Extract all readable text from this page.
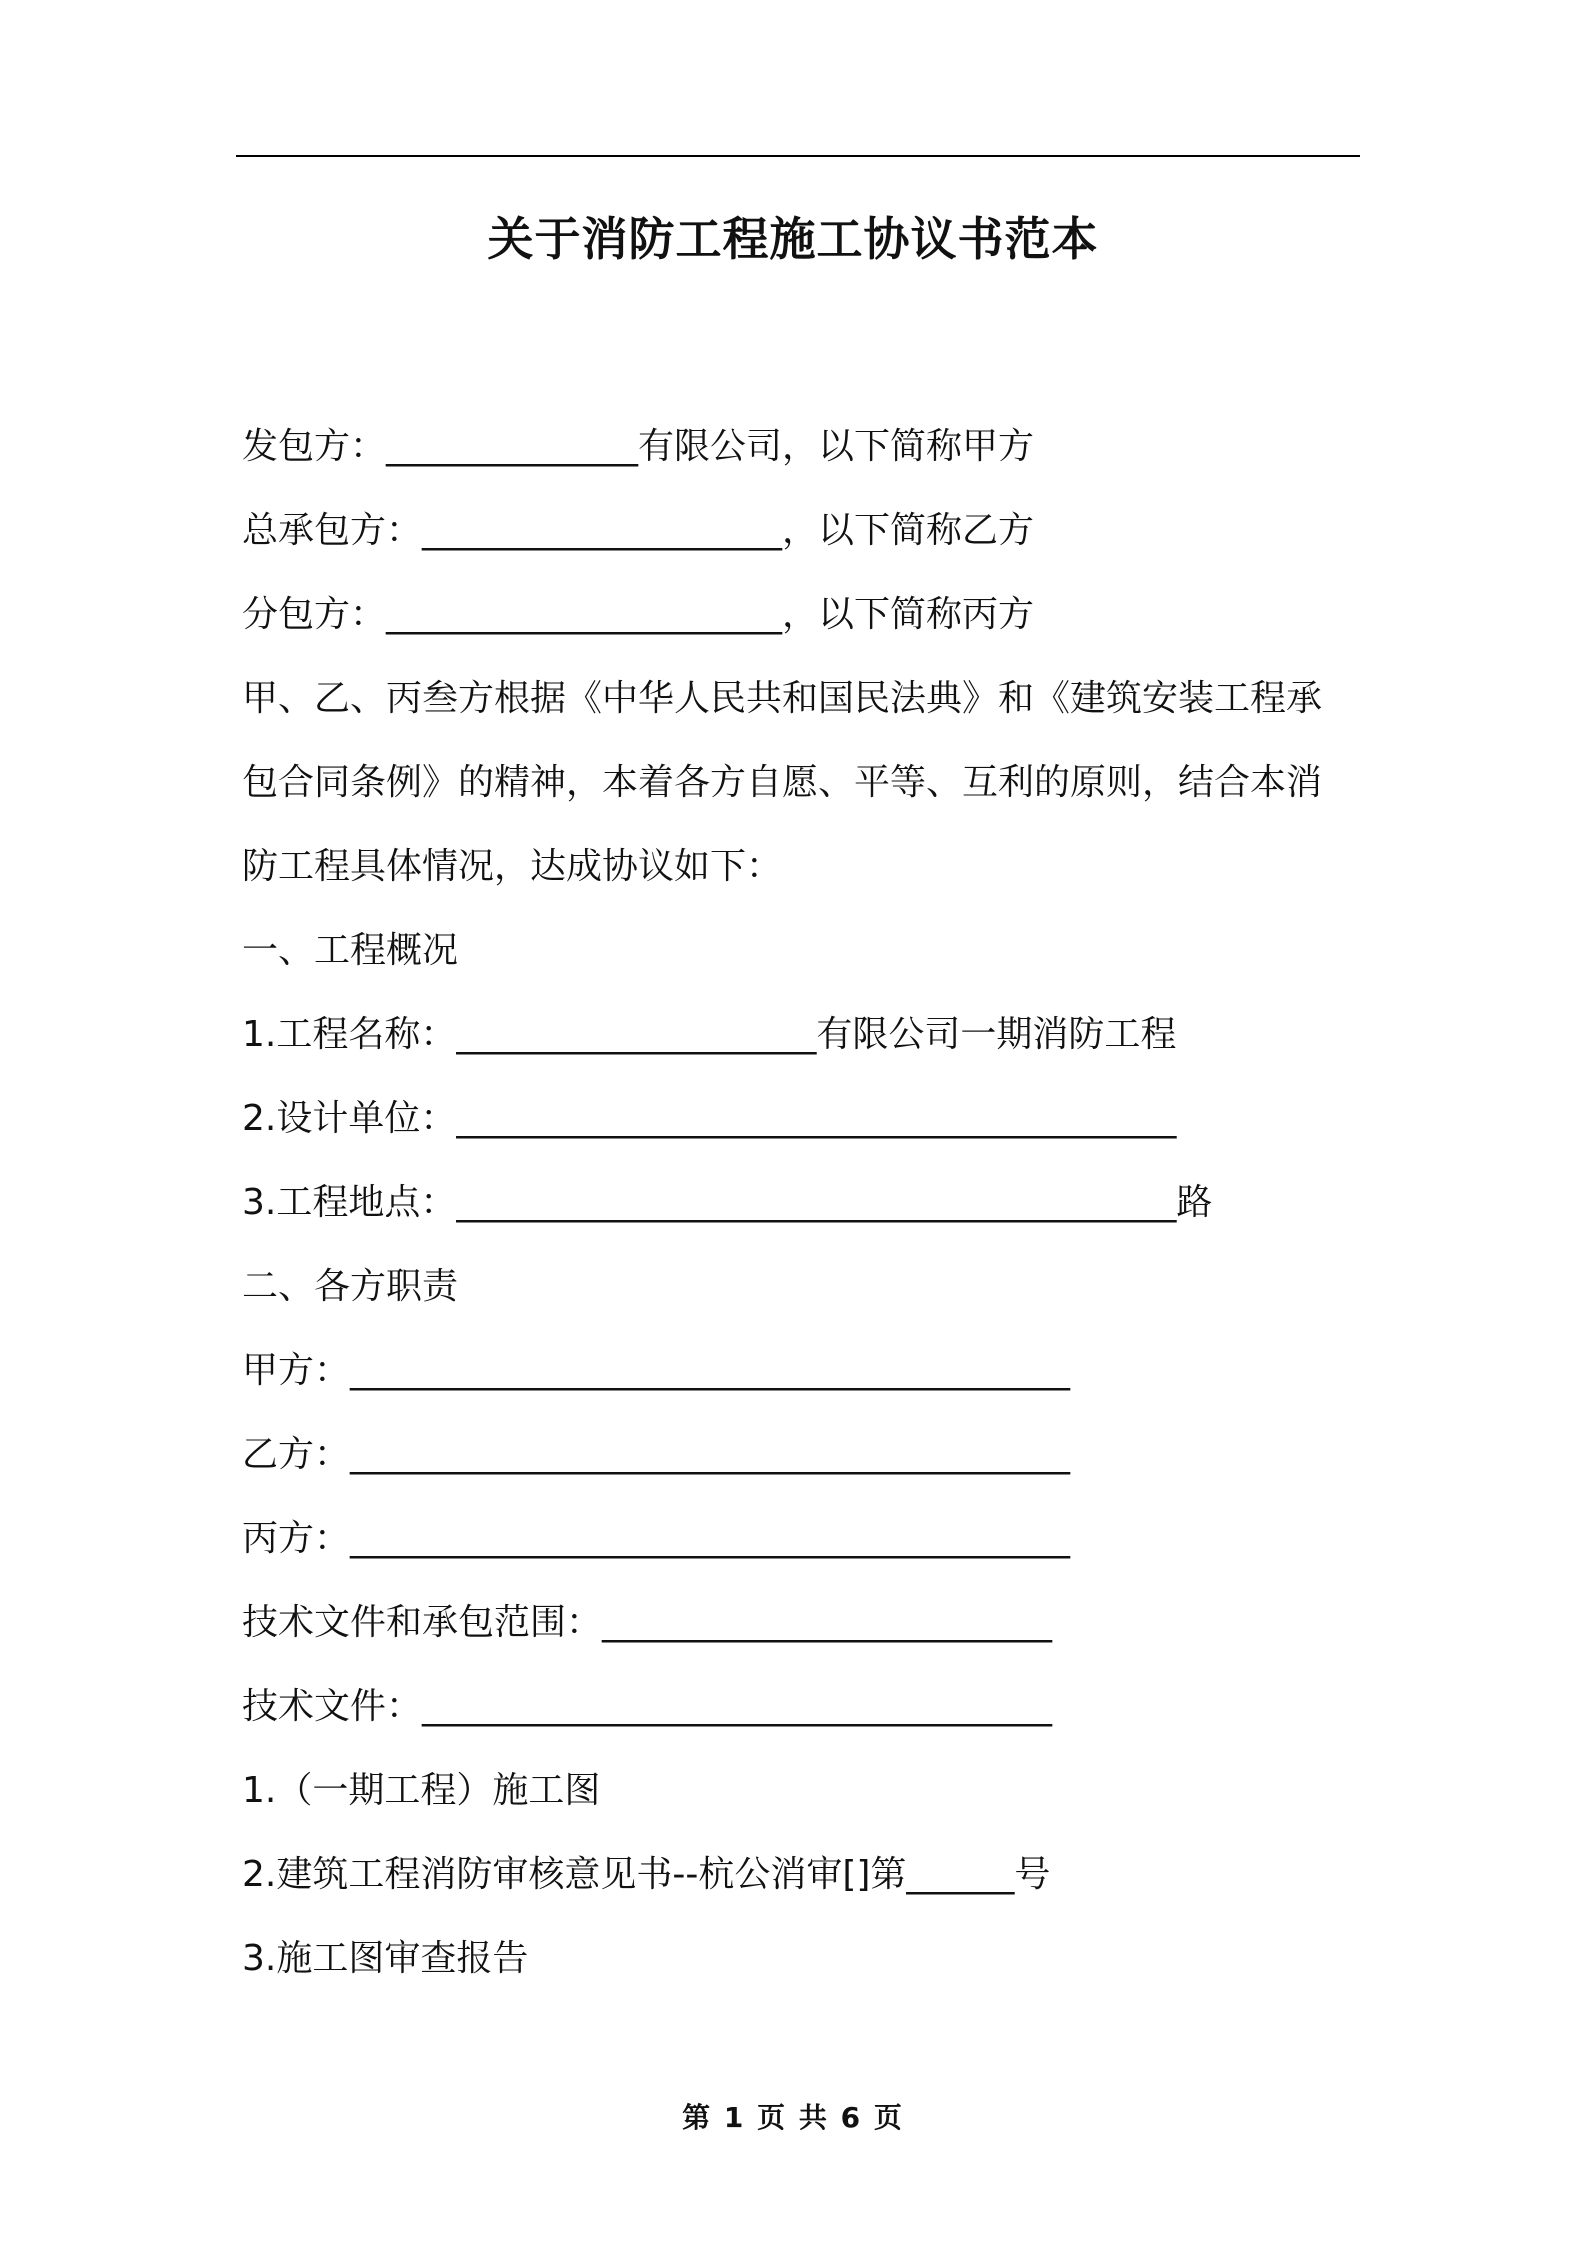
关于消防工程施工协议书范本
发包方：______________有限公司，以下简称甲方
总承包方：____________________，以下简称乙方
分包方：______________________，以下简称丙方
甲、乙、丙叁方根据《中华人民共和国民法典》和《建筑安装工程承
包合同条例》的精神，本着各方自愿、平等、互利的原则，结合本消
防工程具体情况，达成协议如下：
一、工程概况
1.工程名称：____________________有限公司一期消防工程
2.设计单位：________________________________________
3.工程地点：________________________________________路
二、各方职责
甲方：________________________________________
乙方：________________________________________
丙方：________________________________________
技术文件和承包范围：_________________________
技术文件：___________________________________
1.（一期工程）施工图
2.建筑工程消防审核意见书--杭公消审[]第______号
3.施工图审查报告
第 1 页 共 6 页
